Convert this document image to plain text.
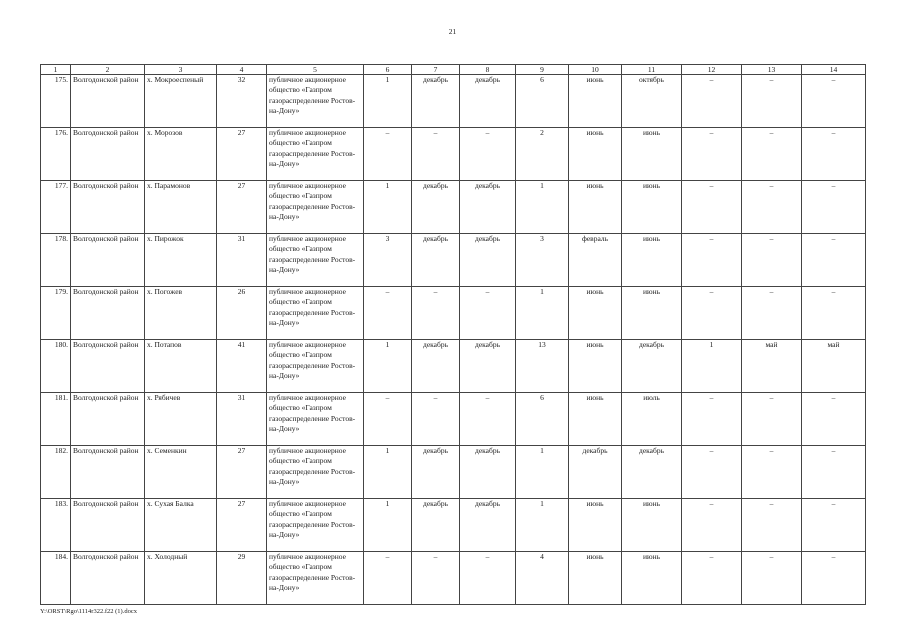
21
1	2	3	4	5	6	7	8	9	10	11	12	13	14
175.	Волгодонской район	х. Мокроеспеный	32	публичное акционерное общество «Газпром газораспределение Ростов-на-Дону»	1	декабрь	декабрь	6	июнь	октябрь	–	–	–
176.	Волгодонской район	х. Морозов	27	публичное акционерное общество «Газпром газораспределение Ростов-на-Дону»	–	–	–	2	июнь	июнь	–	–	–
177.	Волгодонской район	х. Парамонов	27	публичное акционерное общество «Газпром газораспределение Ростов-на-Дону»	1	декабрь	декабрь	1	июнь	июнь	–	–	–
178.	Волгодонской район	х. Пирожок	31	публичное акционерное общество «Газпром газораспределение Ростов-на-Дону»	3	декабрь	декабрь	3	февраль	июнь	–	–	–
179.	Волгодонской район	х. Погожев	26	публичное акционерное общество «Газпром газораспределение Ростов-на-Дону»	–	–	–	1	июнь	июнь	–	–	–
180.	Волгодонской район	х. Потапов	41	публичное акционерное общество «Газпром газораспределение Ростов-на-Дону»	1	декабрь	декабрь	13	июнь	декабрь	1	май	май
181.	Волгодонской район	х. Рябичев	31	публичное акционерное общество «Газпром газораспределение Ростов-на-Дону»	–	–	–	6	июнь	июль	–	–	–
182.	Волгодонской район	х. Семенкин	27	публичное акционерное общество «Газпром газораспределение Ростов-на-Дону»	1	декабрь	декабрь	1	декабрь	декабрь	–	–	–
183.	Волгодонской район	х. Сухая Балка	27	публичное акционерное общество «Газпром газораспределение Ростов-на-Дону»	1	декабрь	декабрь	1	июнь	июнь	–	–	–
184.	Волгодонской район	х. Холодный	29	публичное акционерное общество «Газпром газораспределение Ростов-на-Дону»	–	–	–	4	июнь	июнь	–	–	–
Y:\ORST\Rgo\1114r322.f22 (1).docx
